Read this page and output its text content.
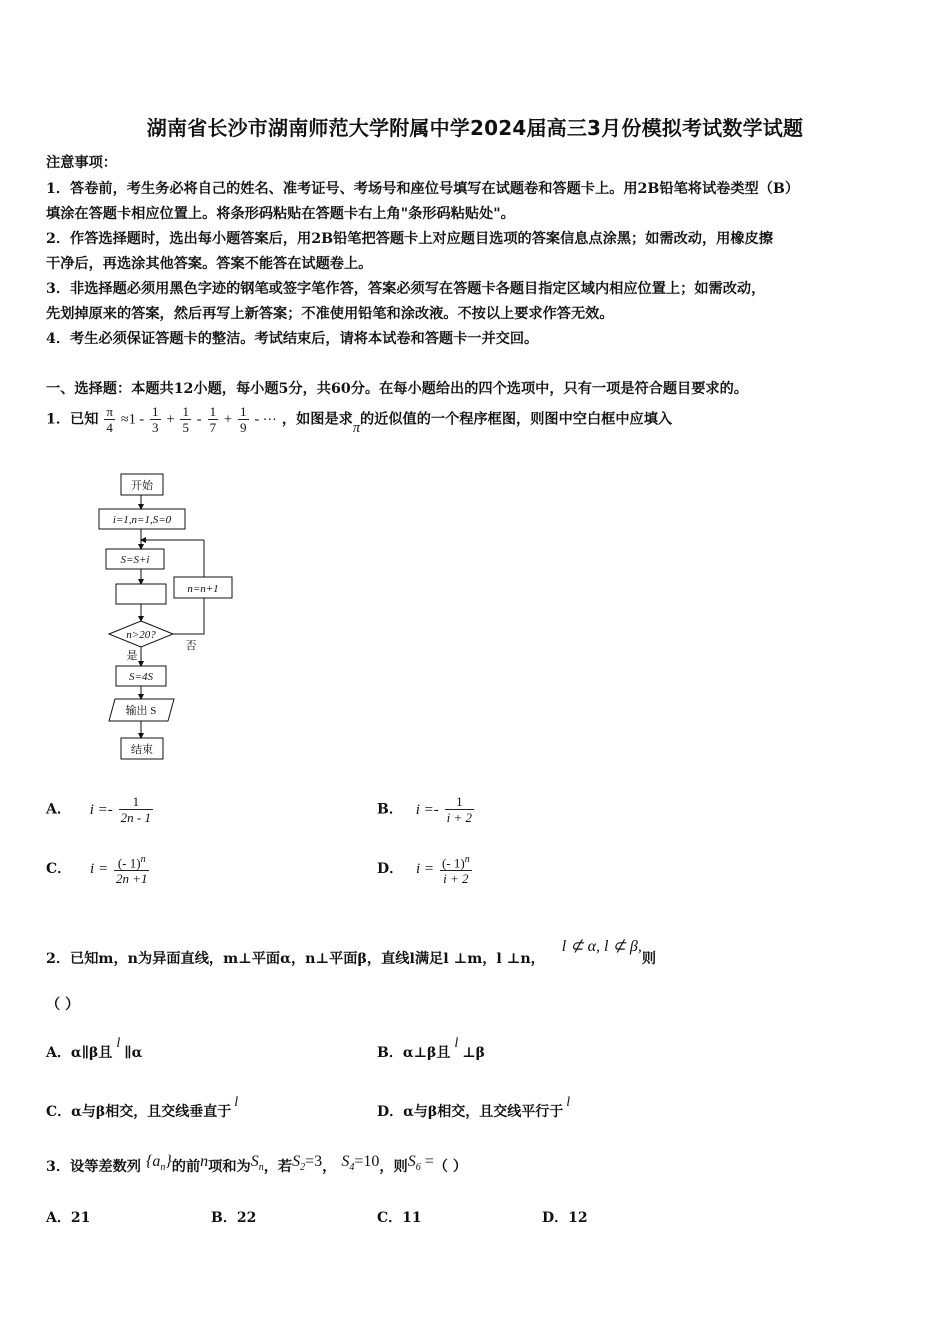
湖南省长沙市湖南师范大学附属中学2024届高三3月份模拟考试数学试题
注意事项：
1．答卷前，考生务必将自己的姓名、准考证号、考场号和座位号填写在试题卷和答题卡上。用2B铅笔将试卷类型（B）
填涂在答题卡相应位置上。将条形码粘贴在答题卡右上角"条形码粘贴处"。
2．作答选择题时，选出每小题答案后，用2B铅笔把答题卡上对应题目选项的答案信息点涂黑；如需改动，用橡皮擦
干净后，再选涂其他答案。答案不能答在试题卷上。
3．非选择题必须用黑色字迹的钢笔或签字笔作答，答案必须写在答题卡各题目指定区域内相应位置上；如需改动，
先划掉原来的答案，然后再写上新答案；不准使用铅笔和涂改液。不按以上要求作答无效。
4．考生必须保证答题卡的整洁。考试结束后，请将本试卷和答题卡一并交回。
一、选择题：本题共12小题，每小题5分，共60分。在每小题给出的四个选项中，只有一项是符合题目要求的。
1．已知 $\frac{\pi}{4} \approx 1 - \frac{1}{3} + \frac{1}{5} - \frac{1}{7} + \frac{1}{9}$ - ⋯ ，如图是求π的近似值的一个程序框图，则图中空白框中应填入
开始
i=1,n=1,S=0
S=S+i
n=n+1
n>20?
是
否
S=4S
输出 S
结束
A． $i =- \frac{1}{2n - 1}$	B． $i =- \frac{1}{i + 2}$
C． $i = \frac{(- 1)^n}{2n +1}$	D． $i = \frac{(- 1)^n}{i + 2}$
2．已知m，n为异面直线，m⊥平面α，n⊥平面β，直线l满足l ⊥m，l ⊥n， l ⊄ α, l ⊄ β,则
（ ）
A．α∥β且l∥α	B．α⊥β且l⊥β
C．α与β相交，且交线垂直于l
D．α与β相交，且交线平行于l
3．设等差数列 $\{a_n\}$的前n项和为$S_n$，若$S_2=3$， $S_4=10$，则$S_6$ =（ ）
A．21	B．22	C．11	D．12
